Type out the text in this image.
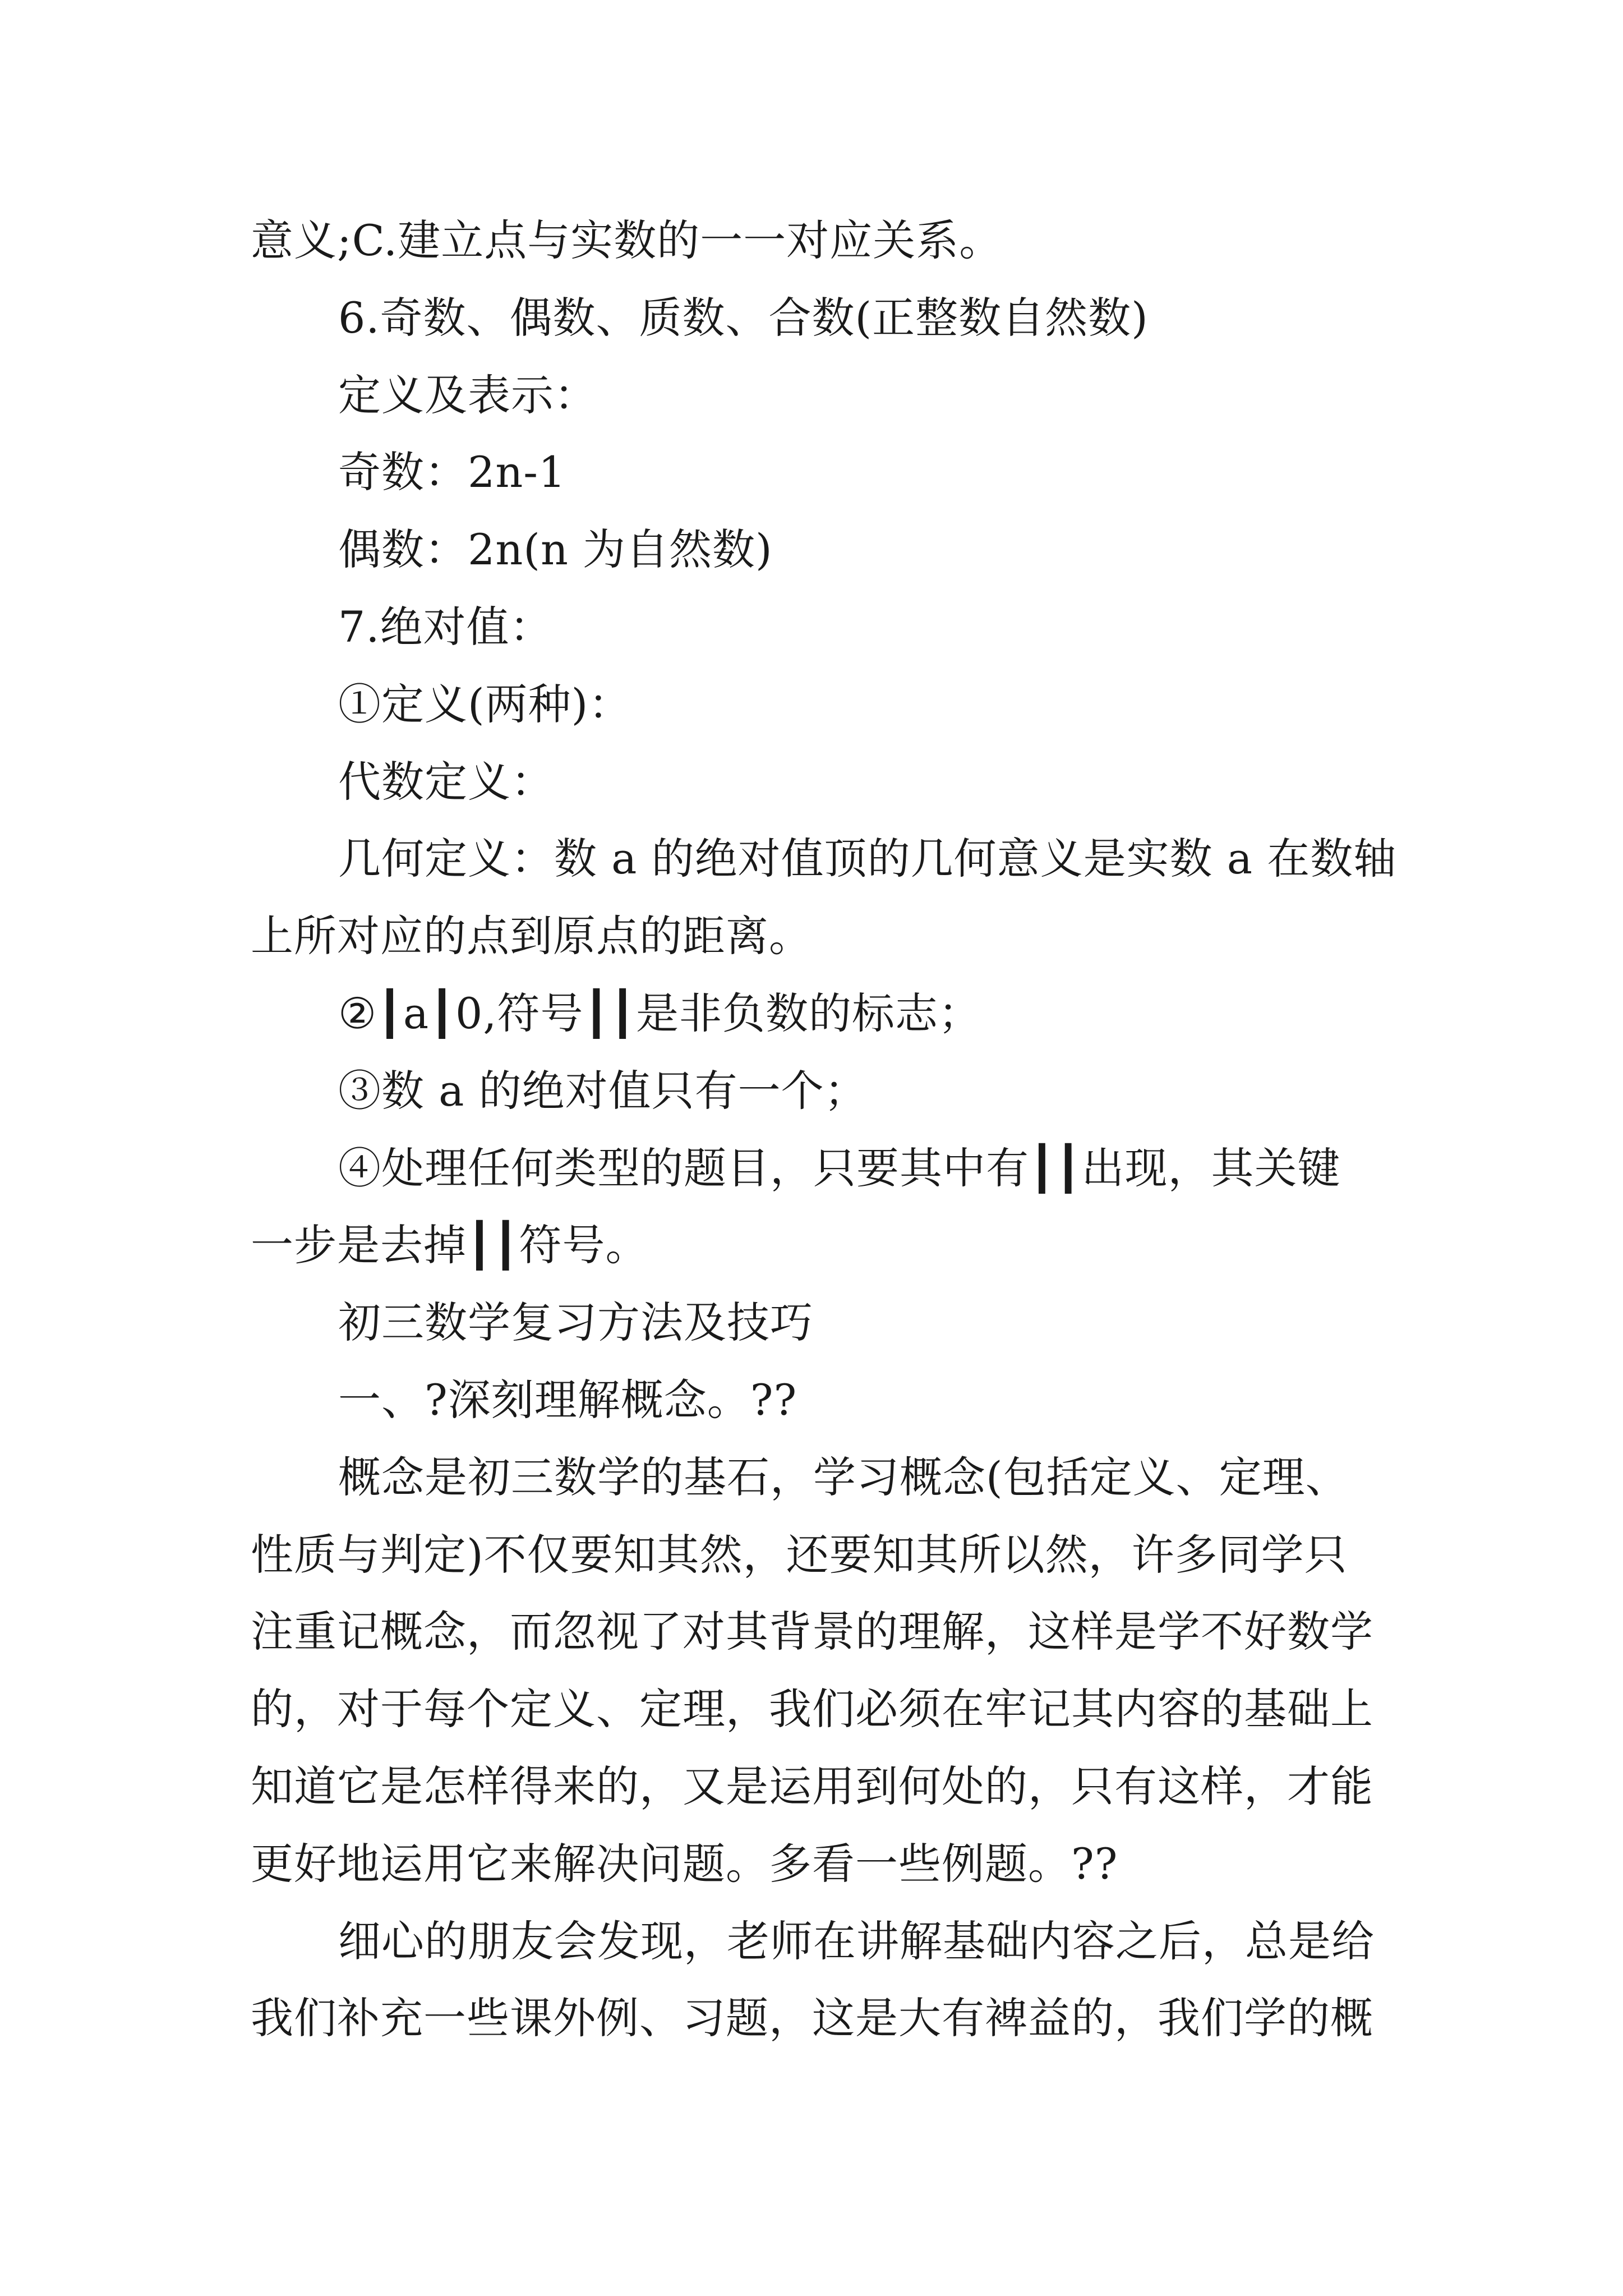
意义;C.建立点与实数的一一对应关系。
6.奇数、偶数、质数、合数(正整数自然数)
定义及表示：
奇数：2n-1
偶数：2n(n 为自然数)
7.绝对值：
①定义(两种)：
代数定义：
几何定义：数 a 的绝对值顶的几何意义是实数 a 在数轴
上所对应的点到原点的距离。
②┃a┃0,符号┃┃是非负数的标志；
③数 a 的绝对值只有一个；
④处理任何类型的题目，只要其中有┃┃出现，其关键
一步是去掉┃┃符号。
初三数学复习方法及技巧
一、?深刻理解概念。??
概念是初三数学的基石，学习概念(包括定义、定理、
性质与判定)不仅要知其然，还要知其所以然，许多同学只
注重记概念，而忽视了对其背景的理解，这样是学不好数学
的，对于每个定义、定理，我们必须在牢记其内容的基础上
知道它是怎样得来的，又是运用到何处的，只有这样，才能
更好地运用它来解决问题。多看一些例题。??
细心的朋友会发现，老师在讲解基础内容之后，总是给
我们补充一些课外例、习题，这是大有裨益的，我们学的概
